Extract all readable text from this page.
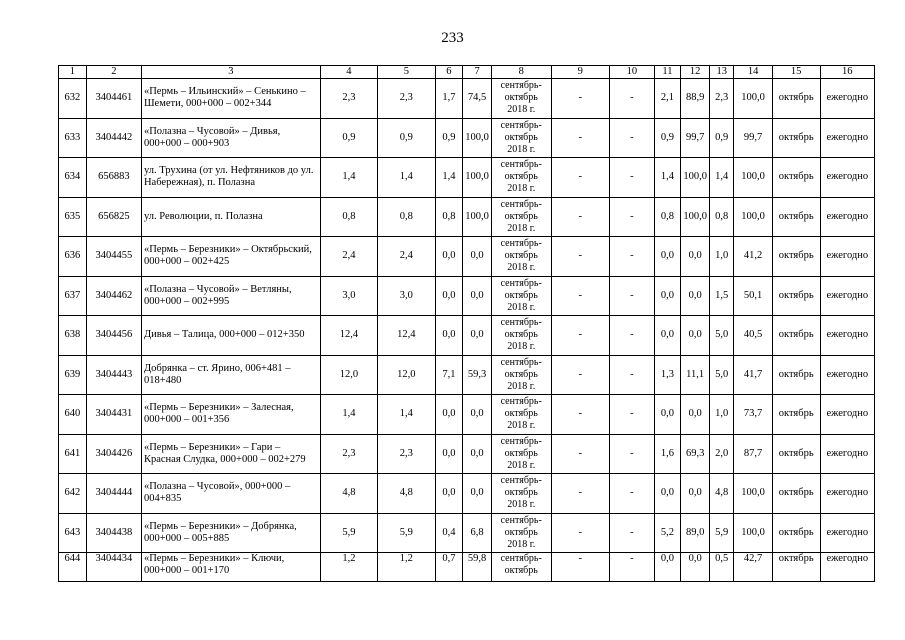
233
1	2	3	4	5	6	7	8	9	10	11	12	13	14	15	16
632	3404461	«Пермь – Ильинский» – Сенькино – Шемети, 000+000 – 002+344	2,3	2,3	1,7	74,5	сентябрь- октябрь 2018 г.	-	-	2,1	88,9	2,3	100,0	октябрь	ежегодно
633	3404442	«Полазна – Чусовой» – Дивья, 000+000 – 000+903	0,9	0,9	0,9	100,0	сентябрь- октябрь 2018 г.	-	-	0,9	99,7	0,9	99,7	октябрь	ежегодно
634	656883	ул. Трухина (от ул. Нефтяников до ул. Набережная), п. Полазна	1,4	1,4	1,4	100,0	сентябрь- октябрь 2018 г.	-	-	1,4	100,0	1,4	100,0	октябрь	ежегодно
635	656825	ул. Революции, п. Полазна	0,8	0,8	0,8	100,0	сентябрь- октябрь 2018 г.	-	-	0,8	100,0	0,8	100,0	октябрь	ежегодно
636	3404455	«Пермь – Березники» – Октябрьский, 000+000 – 002+425	2,4	2,4	0,0	0,0	сентябрь- октябрь 2018 г.	-	-	0,0	0,0	1,0	41,2	октябрь	ежегодно
637	3404462	«Полазна – Чусовой» – Ветляны, 000+000 – 002+995	3,0	3,0	0,0	0,0	сентябрь- октябрь 2018 г.	-	-	0,0	0,0	1,5	50,1	октябрь	ежегодно
638	3404456	Дивья – Талица, 000+000 – 012+350	12,4	12,4	0,0	0,0	сентябрь- октябрь 2018 г.	-	-	0,0	0,0	5,0	40,5	октябрь	ежегодно
639	3404443	Добрянка – ст. Ярино, 006+481 – 018+480	12,0	12,0	7,1	59,3	сентябрь- октябрь 2018 г.	-	-	1,3	11,1	5,0	41,7	октябрь	ежегодно
640	3404431	«Пермь – Березники» – Залесная, 000+000 – 001+356	1,4	1,4	0,0	0,0	сентябрь- октябрь 2018 г.	-	-	0,0	0,0	1,0	73,7	октябрь	ежегодно
641	3404426	«Пермь – Березники» – Гари – Красная Слудка, 000+000 – 002+279	2,3	2,3	0,0	0,0	сентябрь- октябрь 2018 г.	-	-	1,6	69,3	2,0	87,7	октябрь	ежегодно
642	3404444	«Полазна – Чусовой», 000+000 – 004+835	4,8	4,8	0,0	0,0	сентябрь- октябрь 2018 г.	-	-	0,0	0,0	4,8	100,0	октябрь	ежегодно
643	3404438	«Пермь – Березники» – Добрянка, 000+000 – 005+885	5,9	5,9	0,4	6,8	сентябрь- октябрь 2018 г.	-	-	5,2	89,0	5,9	100,0	октябрь	ежегодно
644	3404434	«Пермь – Березники» – Ключи, 000+000 – 001+170	1,2	1,2	0,7	59,8	сентябрь- октябрь	-	-	0,0	0,0	0,5	42,7	октябрь	ежегодно
